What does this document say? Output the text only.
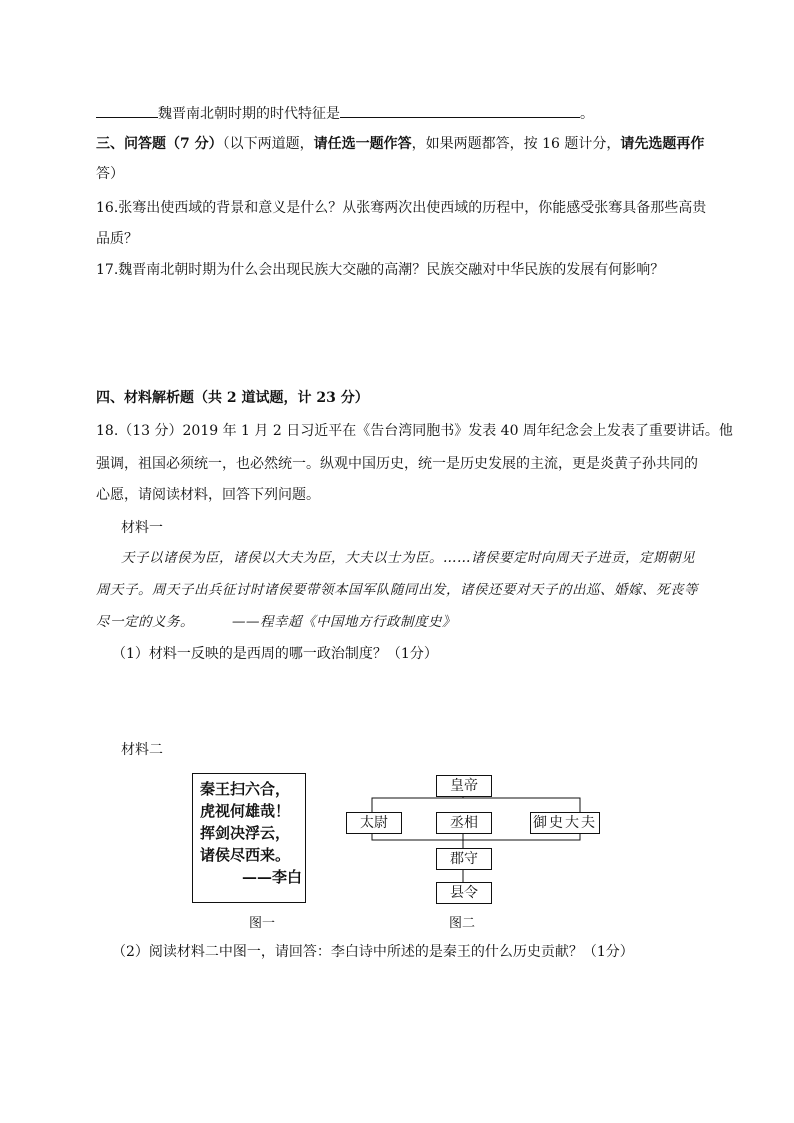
魏晋南北朝时期的时代特征是	。
三、问答题（7 分）（以下两道题，请任选一题作答，如果两题都答，按 16 题计分，请先选题再作
答）
16.张骞出使西域的背景和意义是什么？从张骞两次出使西域的历程中，你能感受张骞具备那些高贵
品质？
17.魏晋南北朝时期为什么会出现民族大交融的高潮？民族交融对中华民族的发展有何影响？
四、材料解析题（共 2 道试题，计 23 分）
18.（13 分）2019 年 1 月 2 日习近平在《告台湾同胞书》发表 40 周年纪念会上发表了重要讲话。他
强调，祖国必须统一，也必然统一。纵观中国历史，统一是历史发展的主流，更是炎黄子孙共同的
心愿，请阅读材料，回答下列问题。
材料一
天子以诸侯为臣，诸侯以大夫为臣，大夫以士为臣。……诸侯要定时向周天子进贡，定期朝见
周天子。周天子出兵征讨时诸侯要带领本国军队随同出发，诸侯还要对天子的出巡、婚嫁、死丧等
尽一定的义务。	——程幸超《中国地方行政制度史》
（1）材料一反映的是西周的哪一政治制度？（1分）
材料二
秦王扫六合，
虎视何雄哉！
挥剑决浮云，
诸侯尽西来。
——李白
图一
皇帝
太尉	丞相	御史大夫
郡守
县令
图二
（2）阅读材料二中图一，请回答：李白诗中所述的是秦王的什么历史贡献？（1分）
